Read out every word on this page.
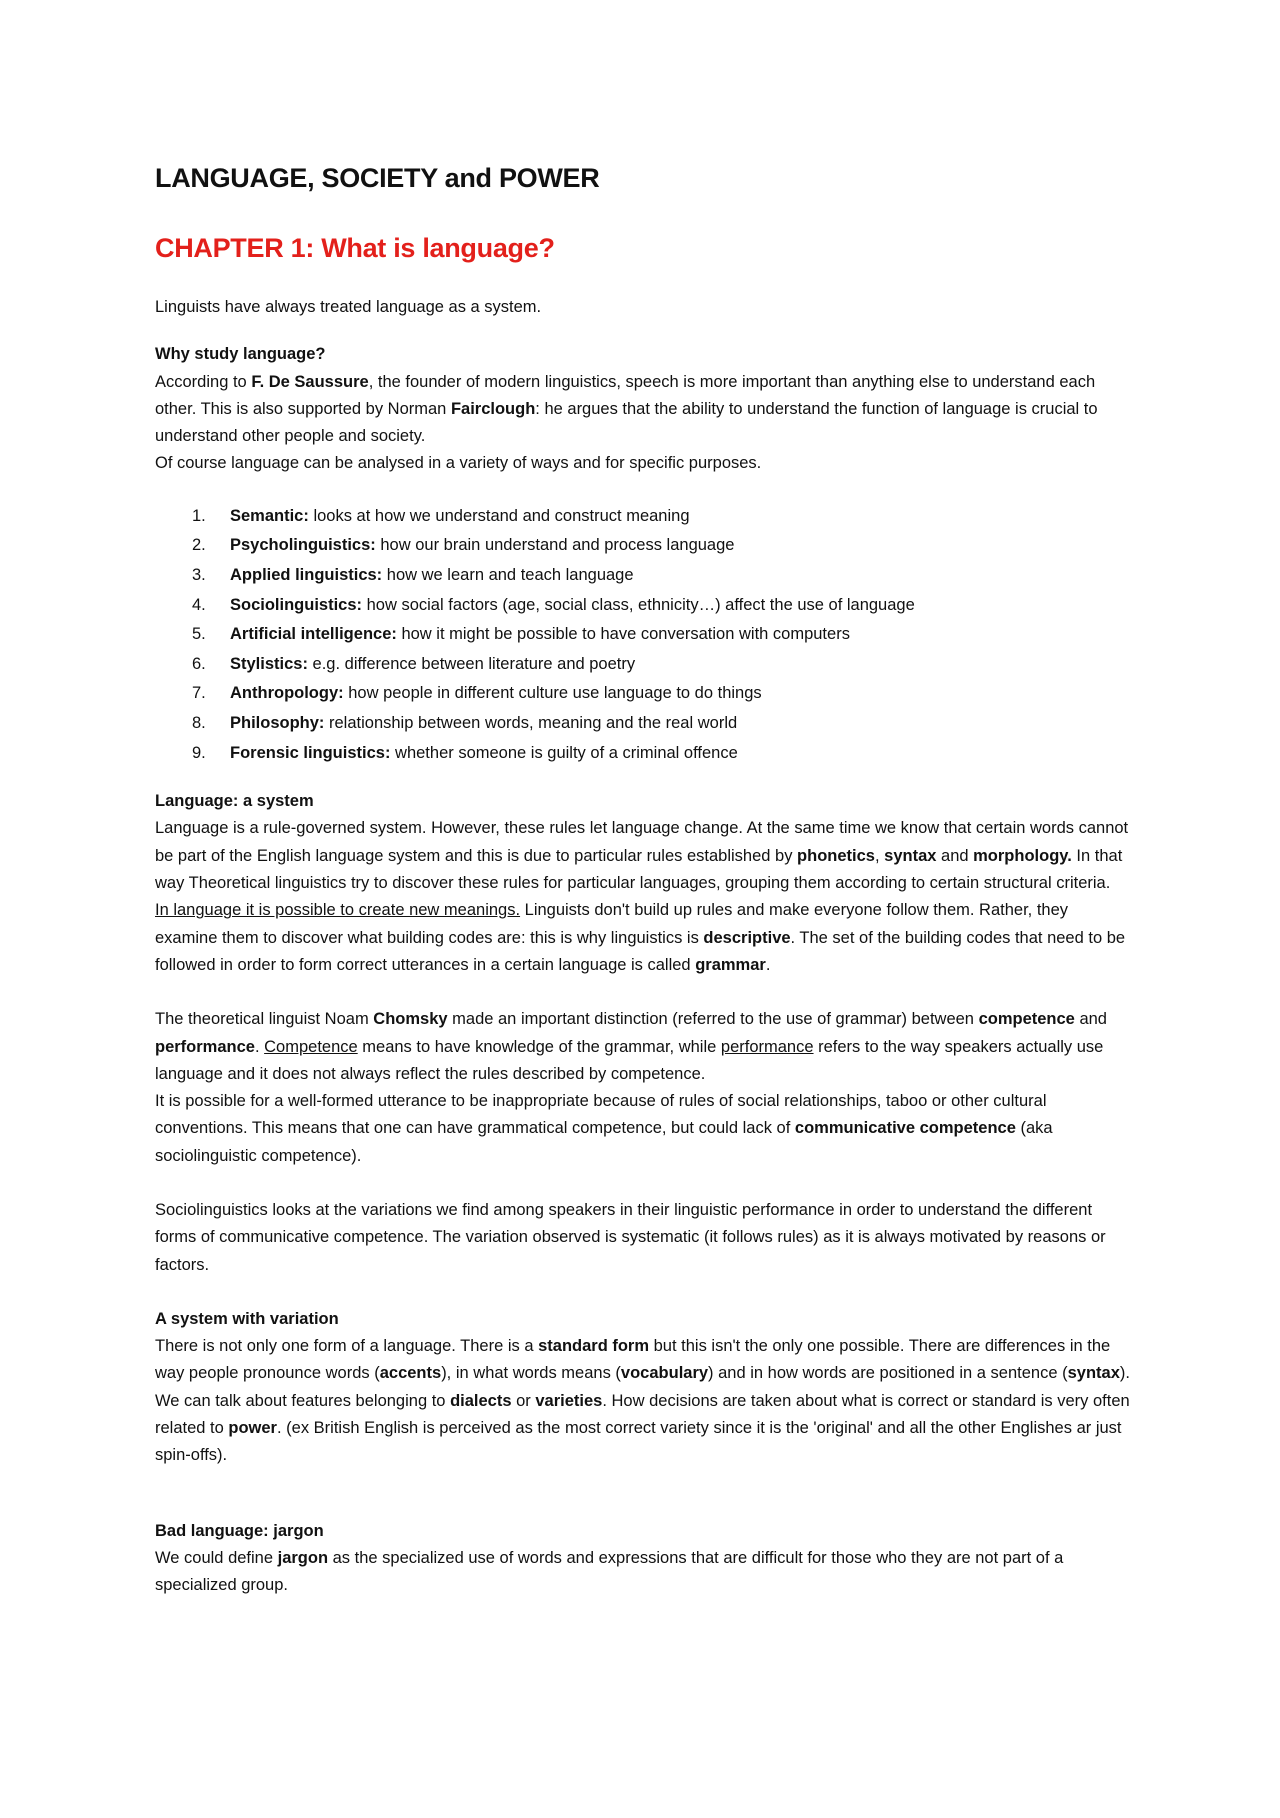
LANGUAGE, SOCIETY and POWER
CHAPTER 1: What is language?

Linguists have always treated language as a system.

Why study language?

According to F. De Saussure, the founder of modern linguistics, speech is more important than anything else to understand each other. This is also supported by Norman Fairclough: he argues that the ability to understand the function of language is crucial to understand other people and society.

Of course language can be analysed in a variety of ways and for specific purposes.

1.	Semantic: looks at how we understand and construct meaning
2.	Psycholinguistics: how our brain understand and process language
3.	Applied linguistics: how we learn and teach language
4.	Sociolinguistics: how social factors (age, social class, ethnicity…) affect the use of language
5.	Artificial intelligence: how it might be possible to have conversation with computers
6.	Stylistics: e.g. difference between literature and poetry
7.	Anthropology: how people in different culture use language to do things
8.	Philosophy: relationship between words, meaning and the real world
9.	Forensic linguistics: whether someone is guilty of a criminal offence

Language: a system

Language is a rule-governed system. However, these rules let language change. At the same time we know that certain words cannot be part of the English language system and this is due to particular rules established by phonetics, syntax and morphology. In that way Theoretical linguistics try to discover these rules for particular languages, grouping them according to certain structural criteria.

In language it is possible to create new meanings. Linguists don't build up rules and make everyone follow them. Rather, they examine them to discover what building codes are: this is why linguistics is descriptive. The set of the building codes that need to be followed in order to form correct utterances in a certain language is called grammar.

The theoretical linguist Noam Chomsky made an important distinction (referred to the use of grammar) between competence and performance. Competence means to have knowledge of the grammar, while performance refers to the way speakers actually use language and it does not always reflect the rules described by competence.

It is possible for a well-formed utterance to be inappropriate because of rules of social relationships, taboo or other cultural conventions. This means that one can have grammatical competence, but could lack of communicative competence (aka sociolinguistic competence).

Sociolinguistics looks at the variations we find among speakers in their linguistic performance in order to understand the different forms of communicative competence. The variation observed is systematic (it follows rules) as it is always motivated by reasons or factors.

A system with variation

There is not only one form of a language. There is a standard form but this isn't the only one possible. There are differences in the way people pronounce words (accents), in what words means (vocabulary) and in how words are positioned in a sentence (syntax). We can talk about features belonging to dialects or varieties. How decisions are taken about what is correct or standard is very often related to power. (ex British English is perceived as the most correct variety since it is the 'original' and all the other Englishes ar just spin-offs).

Bad language: jargon

We could define jargon as the specialized use of words and expressions that are difficult for those who they are not part of a specialized group.
